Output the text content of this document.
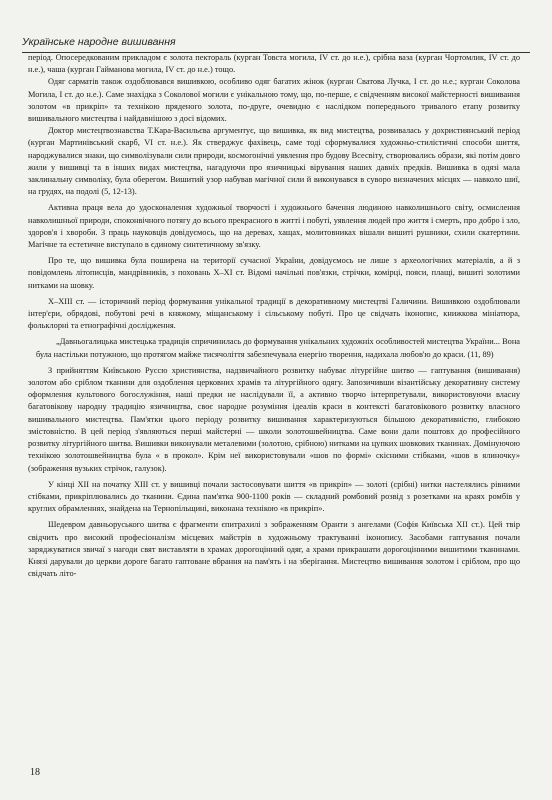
Українське народне вишивання

період. Опосередкованим прикладом є золота пектораль (курган Товста могила, IV ст. до н.е.), срібна ваза (курган Чортомлик, IV ст. до н.е.), чаша (курган Гайманова могила, IV ст. до н.е.) тощо.

Одяг сарматів також оздоблювався вишивкою, особливо одяг багатих жінок (курган Сватова Лучка, I ст. до н.е.; курган Соколова Могила, I ст. до н.е.). Саме знахідка з Соколової могили є унікальною тому, що, по-перше, є свідченням високої майстерності вишивання золотом «в прикріп» та технікою пряденого золота, по-друге, очевидно є наслідком попереднього тривалого етапу розвитку вишивального мистецтва і найдавнішою з досі відомих.

Доктор мистецтвознавства Т.Кара-Васильєва аргументує, що вишивка, як вид мистецтва, розвивалась у дохристиянський період (курган Мартинівський скарб, VI ст. н.е.). Як стверджує фахівець, саме тоді сформувалися художньо-стилістичні способи шиття, народжувалися знаки, що символізували сили природи, космогонічні уявлення про будову Всесвіту, створювались образи, які потім довго жили у вишивці та в інших видах мистецтва, нагадуючи про язичницькі вірування наших давніх предків. Вишивка в одязі мала заклинальну символіку, була оберегом. Вишитий узор набував магічної сили й виконувався в суворо визначених місцях — навколо шиї, на грудях, на подолі (5, 12-13).

Активна праця вела до удосконалення художньої творчості і художнього бачення людиною навколишнього світу, осмислення навколишньої природи, споконвічного потягу до всього прекрасного в житті і побуті, уявлення людей про життя і смерть, про добро і зло, здоров'я і хвороби. З праць науковців довідуємось, що на деревах, хащах, молитовниках вішали вишиті рушники, схили скатертини. Магічне та естетичне виступало в єдиному синтетичному зв'язку.

Про те, що вишивка була поширена на території сучасної України, довідуємось не лише з археологічних матеріалів, а й з повідомлень літописців, мандрівників, з поховань X–XI ст. Відомі начільні пов'язки, стрічки, комірці, пояси, плащі, вишиті золотими нитками на шовку.

X–XIII ст. — історичний період формування унікальної традиції в декоративному мистецтві Галичини. Вишивкою оздоблювали інтер'єри, обрядові, побутові речі в княжому, міщанському і сільському побуті. Про це свідчать іконопис, книжкова мініатюра, фольклорні та етнографічні дослідження.

„Давньогалицька мистецька традиція спричинилась до формування унікальних художніх особливостей мистецтва України... Вона була настільки потужною, що протягом майже тисячоліття забезпечувала енергію творення, надихала любов'ю до краси. (11, 89)

З прийняттям Київською Руссю християнства, надзвичайного розвитку набуває літургійне шитво — гаптування (вишивання) золотом або сріблом тканини для оздоблення церковних храмів та літургійного одягу. Запозичивши візантійську декоративну систему оформлення культового богослужіння, наші предки не наслідували її, а активно творчо інтерпретували, використовуючи власну багатовікову народну традицію язичництва, своє народне розуміння ідеалів краси в контексті багатовікового розвитку власного вишивального мистецтва. Пам'ятки цього періоду розвитку вишивання характеризуються більшою декоративністю, глибокою змістовністю. В цей період з'являються перші майстерні — школи золотошвейництва. Саме вони дали поштовх до професійного розвитку літургійного шитва. Вишивки виконували металевими (золотою, срібною) нитками на цупких шовкових тканинах. Домінуючою технікою золотошвейництва була « в прокол». Крім неї використовували «шов по формі» скісними стібками, «шов в ялиночку» (зображення вузьких стрічок, галузок).

У кінці XII на початку XIII ст. у вишивці почали застосовувати шиття «в прикріп» — золоті (срібні) нитки настелялись рівними стібками, прикріплювались до тканини. Єдина пам'ятка 900-1100 років — складний ромбовий розвід з розетками на краях ромбів у круглих обрамленнях, знайдена на Тернопільщині, виконана технікою «в прикріп».

Шедевром давньоруського шитва є фрагменти єпитрахилі з зображенням Оранти з ангелами (Софія Київська XII ст.). Цей твір свідчить про високий професіоналізм місцевих майстрів в художньому трактуванні іконопису. Засобами гаптування почали заряджуватися звичаї з нагоди свят виставляти в храмах дорогоцінний одяг, а храми прикрашати дорогоцінними вишитими тканинами. Князі дарували до церкви дороге багато гаптоване вбрання на пам'ять і на зберігання. Мистецтво вишивання золотом і сріблом, про що свідчать літо-

18
